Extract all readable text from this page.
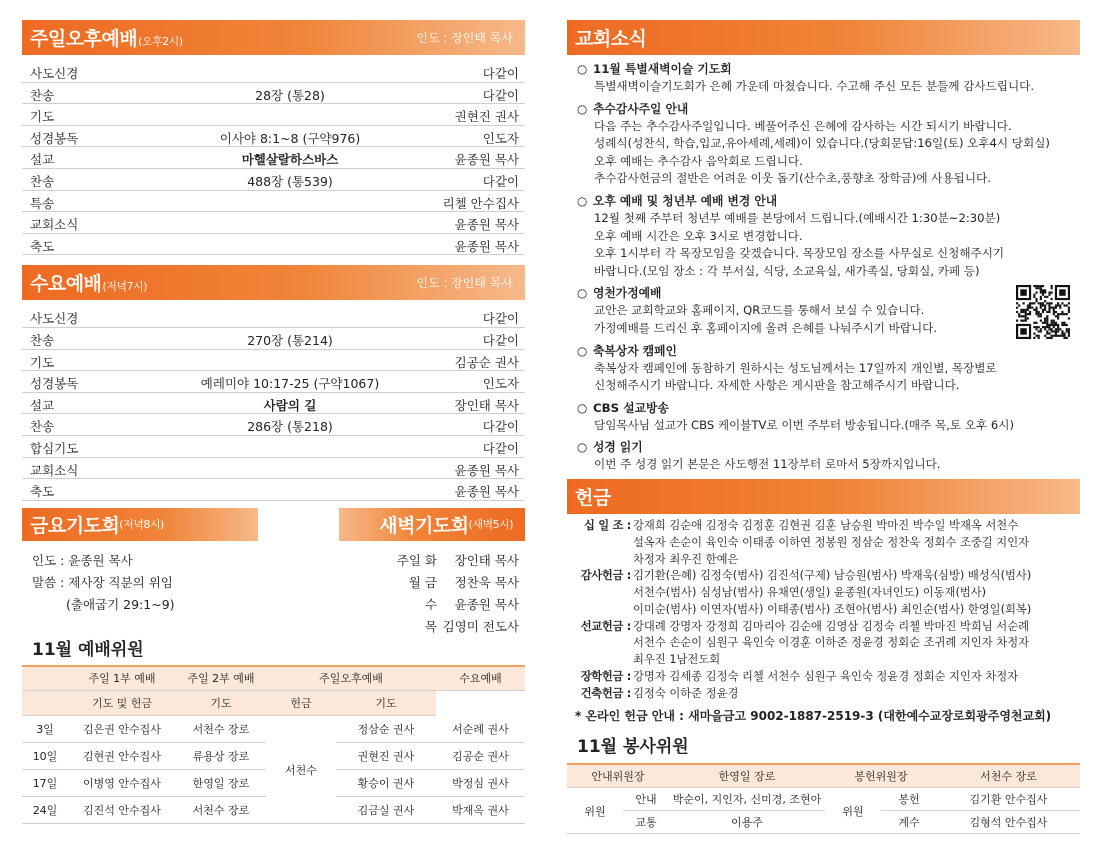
주일오후예배(오후2시)	인도 : 장인태 목사
사도신경	다같이
찬송	28장 (통28)	다같이
기도	권현진 권사
성경봉독	이사야 8:1~8 (구약976)	인도자
설교	마헬살랄하스바스	윤종원 목사
찬송	488장 (통539)	다같이
특송	리첼 안수집사
교회소식	윤종원 목사
축도	윤종원 목사
수요예배(저녁7시)	인도 : 장인태 목사
사도신경	다같이
찬송	270장 (통214)	다같이
기도	김공순 권사
성경봉독	예레미야 10:17-25 (구약1067)	인도자
설교	사람의 길	장인태 목사
찬송	286장 (통218)	다같이
합심기도	다같이
교회소식	윤종원 목사
축도	윤종원 목사
금요기도회 (저녁8시)	새벽기도회 (새벽5시)
인도 : 윤종원 목사
말씀 : 제사장 직분의 위임
(출애굽기 29:1~9)
주일 화 장인태 목사
월 금 정찬욱 목사
수 윤종원 목사
목 김영미 전도사
11월 예배위원
	주일 1부 예배	주일 2부 예배	주일오후예배		수요예배
	기도 및 헌금	기도	헌금	기도	
3일	김은권 안수집사	서천수 장로	서천수	정삼순 권사	서순례 권사
10일	김현권 안수집사	류용상 장로		권현진 권사	김공순 권사
17일	이병영 안수집사	한영일 장로		황승이 권사	박정심 권사
24일	김진석 안수집사	서천수 장로		김금실 권사	박재옥 권사
교회소식
○ 11월 특별새벽이슬 기도회
특별새벽이슬기도회가 은혜 가운데 마쳤습니다. 수고해 주신 모든 분들께 감사드립니다.
○ 추수감사주일 안내
다음 주는 추수감사주일입니다. 베풀어주신 은혜에 감사하는 시간 되시기 바랍니다.
성례식(성찬식, 학습,입교,유아세례,세례)이 있습니다.(당회문답:16일(토) 오후4시 당회실)
오후 예배는 추수감사 음악회로 드립니다.
추수감사헌금의 절반은 어려운 이웃 돕기(산수초,풍향초 장학금)에 사용됩니다.
○ 오후 예배 및 청년부 예배 변경 안내
12월 첫째 주부터 청년부 예배를 본당에서 드립니다.(예배시간 1:30분~2:30분)
오후 예배 시간은 오후 3시로 변경합니다.
오후 1시부터 각 목장모임을 갖겠습니다. 목장모임 장소를 사무실로 신청해주시기
바랍니다.(모임 장소 : 각 부서실, 식당, 소교육실, 새가족실, 당회실, 카페 등)
○ 영천가정예배
교안은 교회학교와 홈페이지, QR코드를 통해서 보실 수 있습니다.
가정예배를 드리신 후 홈페이지에 올려 은혜를 나눠주시기 바랍니다.
○ 축복상자 캠페인
축복상자 캠페인에 동참하기 원하시는 성도님께서는 17일까지 개인별, 목장별로
신청해주시기 바랍니다. 자세한 사항은 게시판을 참고해주시기 바랍니다.
○ CBS 설교방송
담임목사님 설교가 CBS 케이블TV로 이번 주부터 방송됩니다.(매주 목,토 오후 6시)
○ 성경 읽기
이번 주 성경 읽기 본문은 사도행전 11장부터 로마서 5장까지입니다.
헌금
십 일 조 : 강재희 김순애 김정숙 김정훈 김현권 김훈 남승원 박마진 박수일 박재옥 서천수
설옥자 손순이 육인숙 이태종 이하연 정봉원 정삼순 정찬욱 정회수 조중길 지인자
차정자 최우진 한예은
감사헌금 : 김기환(은혜) 김정숙(범사) 김진석(구제) 남승원(범사) 박재욱(심방) 배성식(범사)
서천수(범사) 심성남(범사) 유채연(생일) 윤종원(자녀인도) 이동재(범사)
이미순(범사) 이연자(범사) 이태종(범사) 조현아(범사) 최인순(범사) 한영일(회복)
선교헌금 : 강대례 강명자 강정희 김마리아 김순애 김영삼 김정숙 리첼 박마진 박희님 서순례
서천수 손순이 심원구 육인숙 이경훈 이하준 정윤경 정회순 조귀례 지인자 차정자
최우진 1남전도회
장학헌금 : 강명자 김세종 김정숙 리첼 서천수 심원구 육인숙 정윤경 정회순 지인자 차정자
건축헌금 : 김정숙 이하준 정윤경
* 온라인 헌금 안내 : 새마을금고 9002-1887-2519-3 (대한예수교장로회광주영천교회)
11월 봉사위원
안내위원장		한영일 장로	봉헌위원장		서천수 장로
위원	안내	박순이, 지인자, 신미경, 조현아	위원	봉헌	김기환 안수집사
	교통	이용주		계수	김형석 안수집사
